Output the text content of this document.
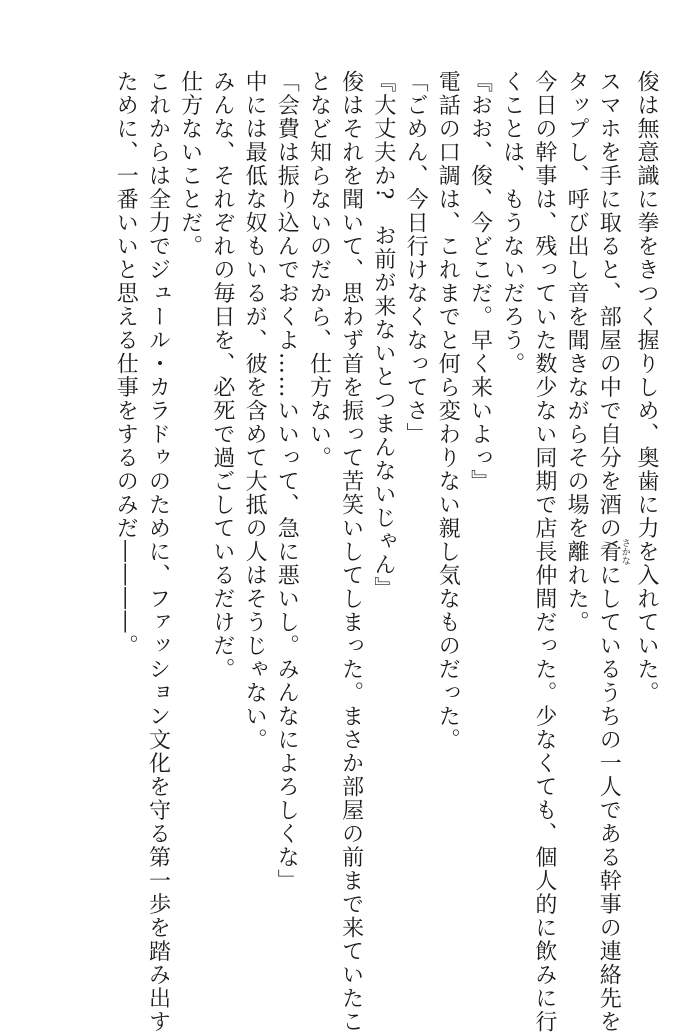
俊は無意識に拳をきつく握りしめ、奥歯に力を入れていた。
スマホを手に取ると、部屋の中で自分を酒の肴さかなにしているうちの一人である幹事の連絡先を
タップし、呼び出し音を聞きながらその場を離れた。
今日の幹事は、残っていた数少ない同期で店長仲間だった。少なくても、個人的に飲みに行
くことは、もうないだろう。
『おお、俊、今どこだ。早く来いよっ』
電話の口調は、これまでと何ら変わりない親し気なものだった。
「ごめん、今日行けなくなってさ」
『大丈夫か?　お前が来ないとつまんないじゃん』
俊はそれを聞いて、思わず首を振って苦笑いしてしまった。まさか部屋の前まで来ていたこ
となど知らないのだから、仕方ない。
「会費は振り込んでおくよ……いいって、急に悪いし。みんなによろしくな」
中には最低な奴もいるが、彼を含めて大抵の人はそうじゃない。
みんな、それぞれの毎日を、必死で過ごしているだけだ。
仕方ないことだ。
これからは全力でジュール・カラドゥのために、ファッション文化を守る第一歩を踏み出す
ために、一番いいと思える仕事をするのみだ――――。
